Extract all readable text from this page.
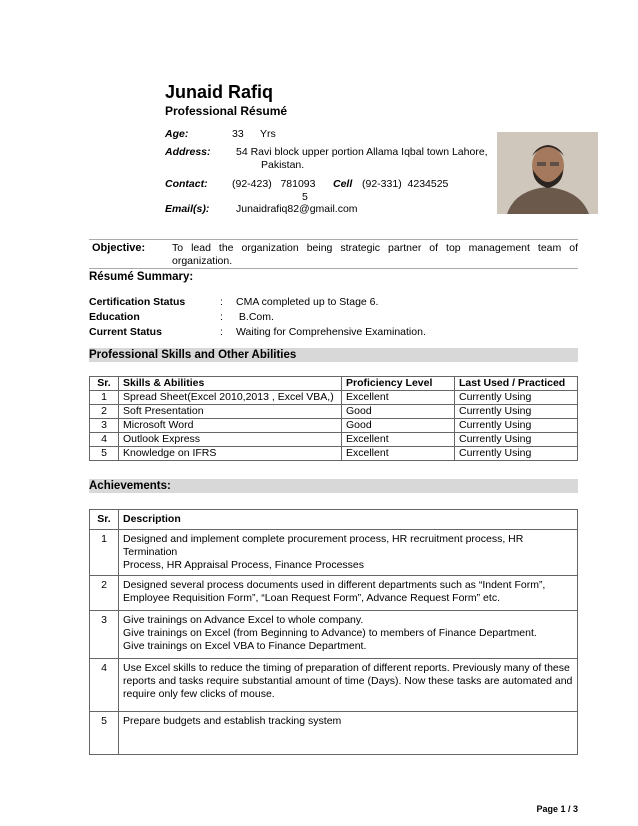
Junaid Rafiq
Professional Résumé
Age:	33 Yrs
Address: 54 Ravi block upper portion Allama Iqbal town Lahore,
Pakistan.
Contact: (92-423)   781093
5
Cell (92-331)  4234525
Email(s):	Junaidrafiq82@gmail.com
Objective:	To lead the organization being strategic partner of top management team of organization.
Résumé Summary:
Certification Status	: CMA completed up to Stage 6.
Education	: B.Com.
Current Status	: Waiting for Comprehensive Examination.
Professional Skills and Other Abilities
Sr.	Skills & Abilities	Proficiency Level	Last Used / Practiced
1	Spread Sheet(Excel 2010,2013 , Excel VBA,)	Excellent	Currently Using
2	Soft Presentation	Good	Currently Using
3	Microsoft Word	Good	Currently Using
4	Outlook Express	Excellent	Currently Using
5	Knowledge on IFRS	Excellent	Currently Using
Achievements:
Sr.	Description
1	Designed and implement complete procurement process, HR recruitment process, HR Termination
Process, HR Appraisal Process, Finance Processes

2	Designed several process documents used in different departments such as “Indent Form”,
Employee Requisition Form”, “Loan Request Form”, Advance Request Form” etc.

3	Give trainings on Advance Excel to whole company.
Give trainings on Excel (from Beginning to Advance) to members of Finance Department.
Give trainings on Excel VBA to Finance Department.

4	Use Excel skills to reduce the timing of preparation of different reports. Previously many of these
reports and tasks require substantial amount of time (Days). Now these tasks are automated and
require only few clicks of mouse.

5	Prepare budgets and establish tracking system
Page 1 / 3
